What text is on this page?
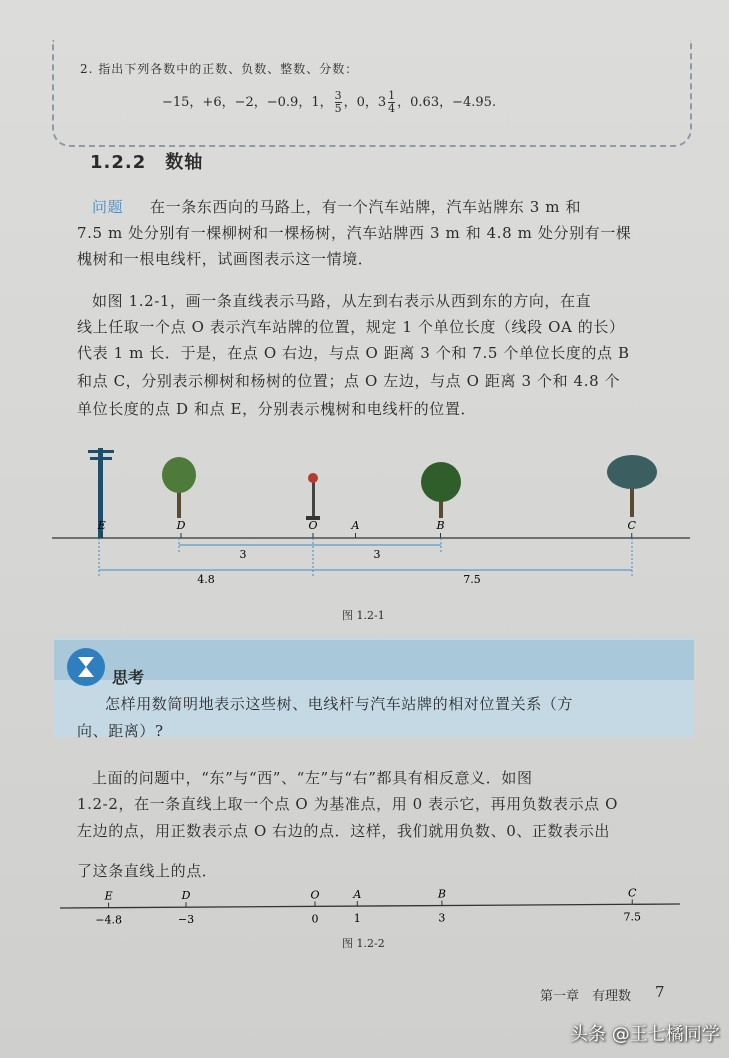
2. 指出下列各数中的正数、负数、整数、分数：
−15，+6，−2，−0.9，1， $\frac{3}{5}$ ，0，$3 \frac{1}{4}$ ，0.63，−4.95.
1.2.2　数轴
问题 在一条东西向的马路上，有一个汽车站牌，汽车站牌东 3 m 和
7.5 m 处分别有一棵柳树和一棵杨树，汽车站牌西 3 m 和 4.8 m 处分别有一棵
槐树和一根电线杆，试画图表示这一情境．
如图 1.2-1，画一条直线表示马路，从左到右表示从西到东的方向，在直
线上任取一个点 O 表示汽车站牌的位置，规定 1 个单位长度（线段 OA 的长）
代表 1 m 长．于是，在点 O 右边，与点 O 距离 3 个和 7.5 个单位长度的点 B
和点 C，分别表示柳树和杨树的位置；点 O 左边，与点 O 距离 3 个和 4.8 个
单位长度的点 D 和点 E，分别表示槐树和电线杆的位置．
E	D	O	A	B	C
3	3
4.8	7.5
图 1.2-1
思考
怎样用数简明地表示这些树、电线杆与汽车站牌的相对位置关系（方
向、距离）?
上面的问题中，“东”与“西”、“左”与“右”都具有相反意义．如图
1.2-2，在一条直线上取一个点 O 为基准点，用 0 表示它，再用负数表示点 O
左边的点，用正数表示点 O 右边的点．这样，我们就用负数、0、正数表示出
了这条直线上的点．
E
−4.8
D
−3
O
0
A
1
B
3
C
7.5
图 1.2-2
第一章　有理数 7
头条 @王七橘同学
